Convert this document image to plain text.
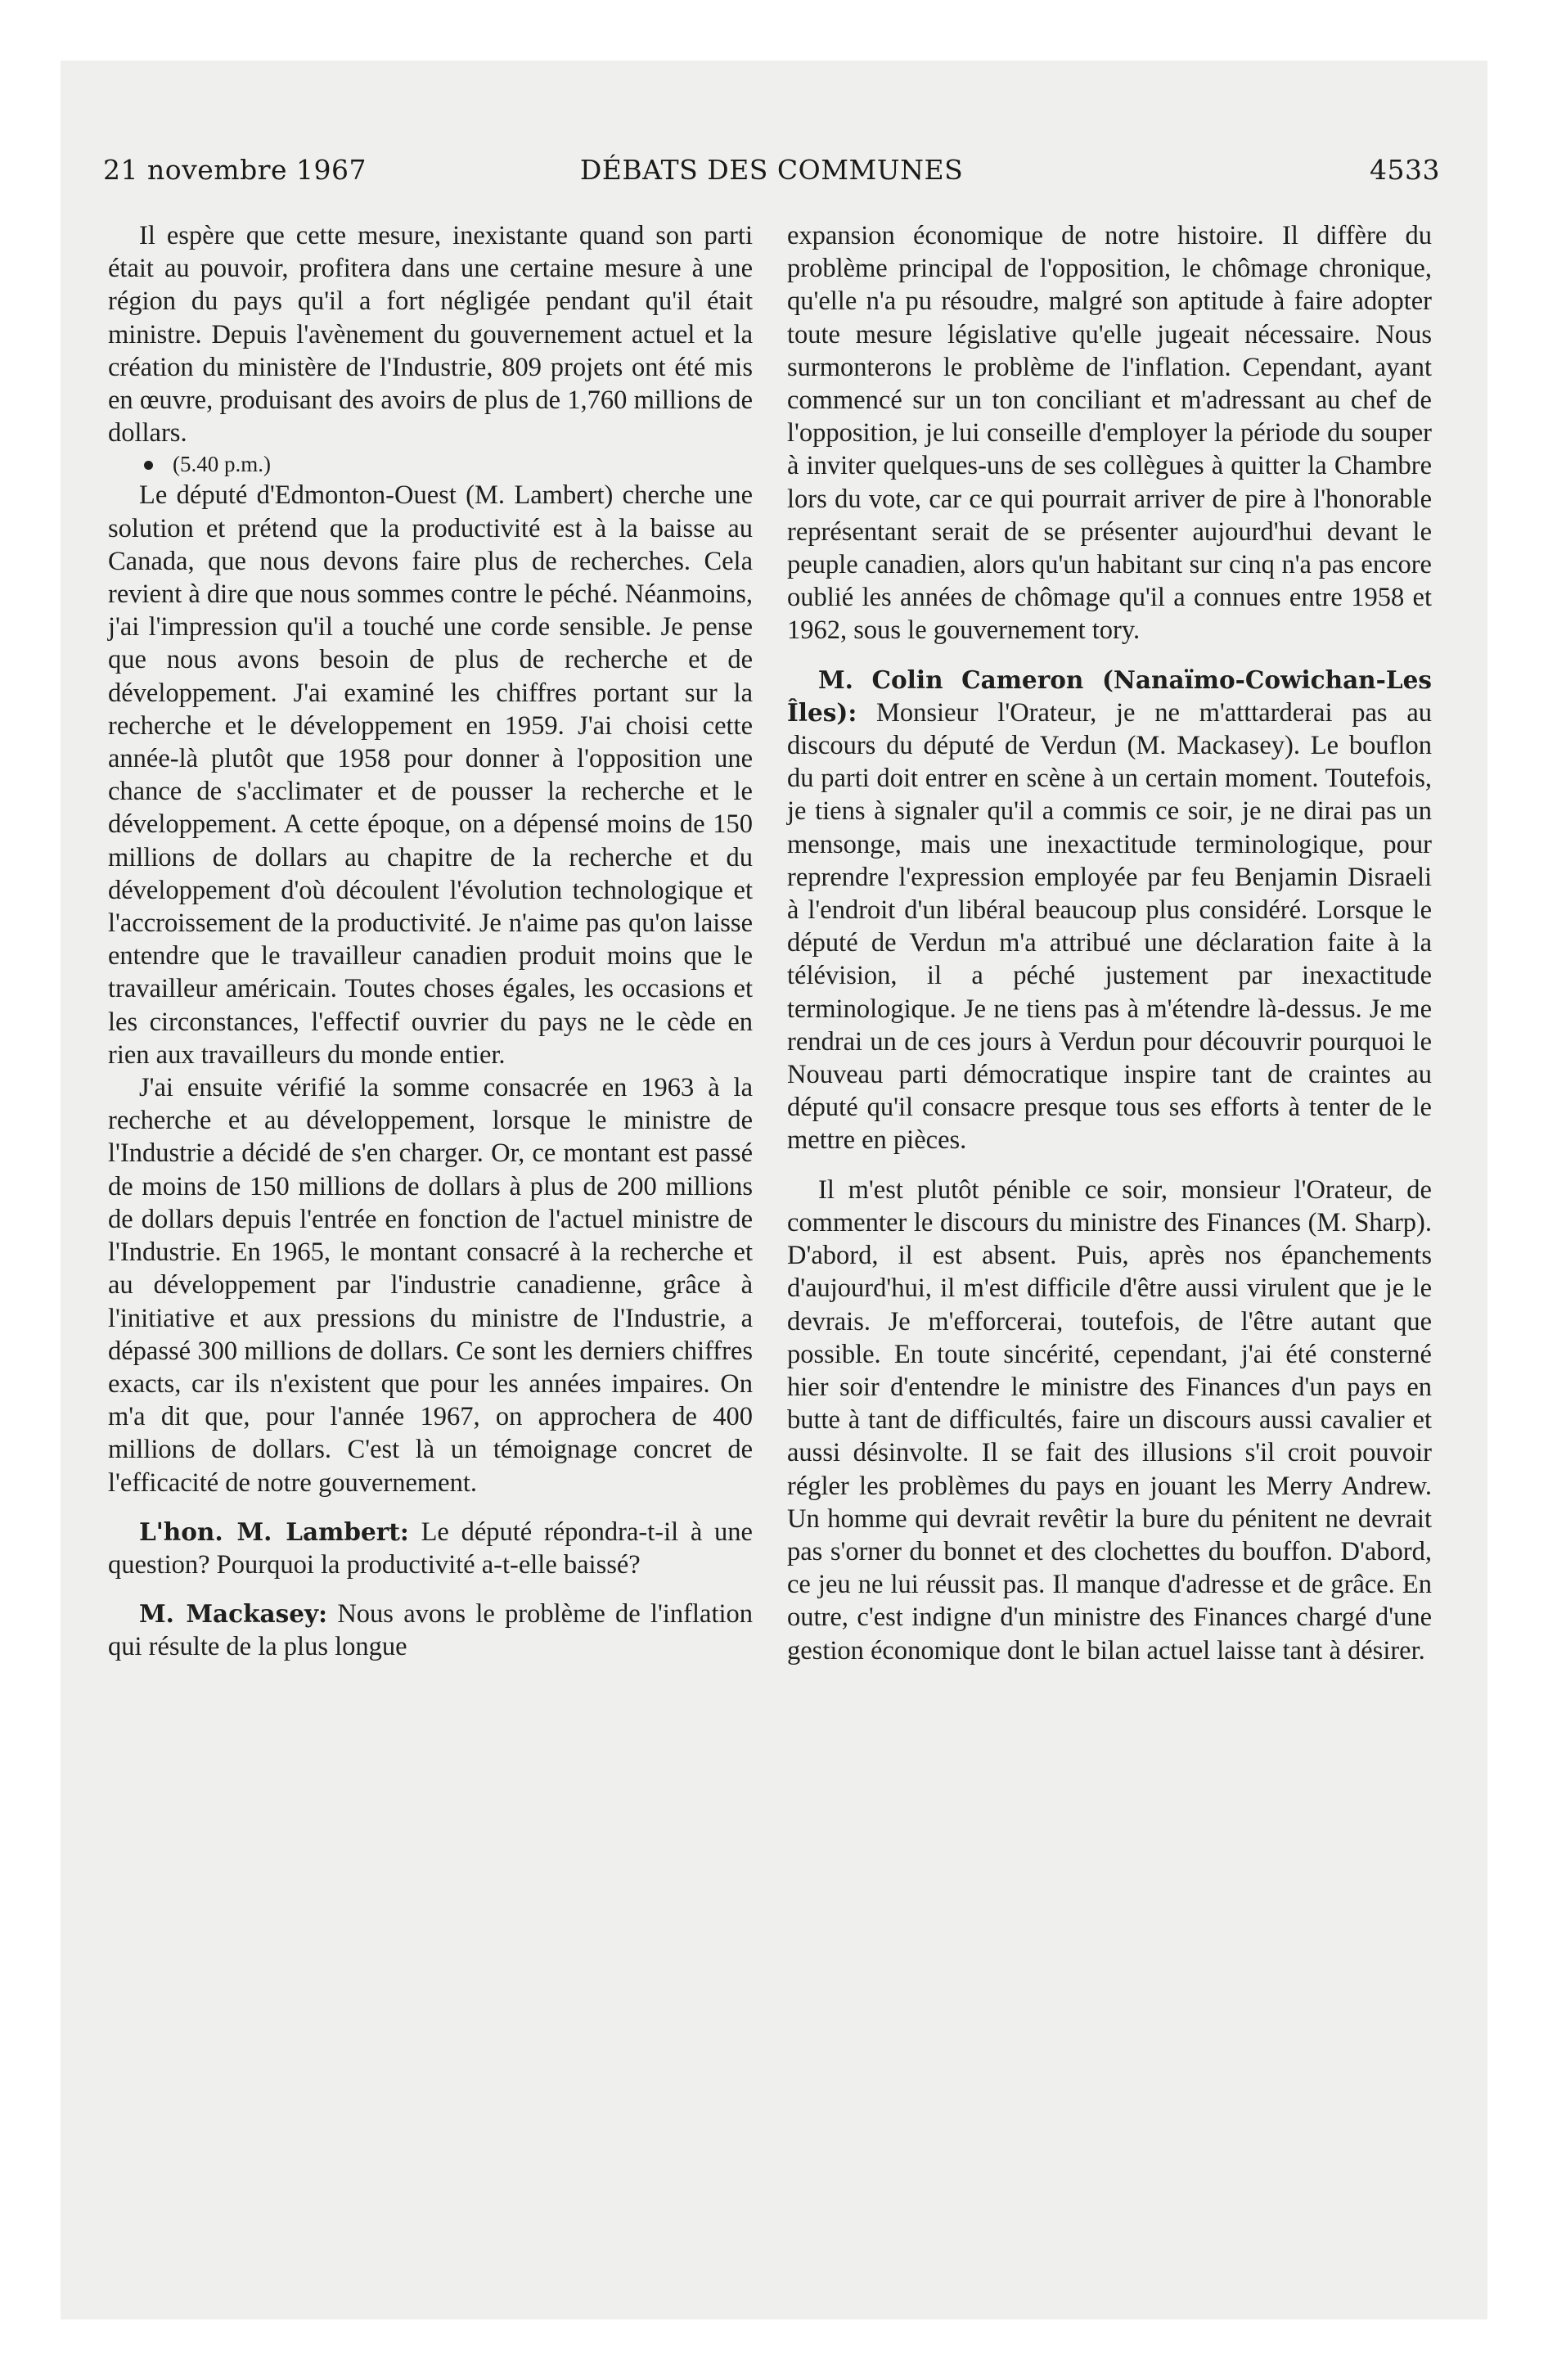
21 novembre 1967	DÉBATS DES COMMUNES	4533

Il espère que cette mesure, inexistante quand son parti était au pouvoir, profitera dans une certaine mesure à une région du pays qu'il a fort négligée pendant qu'il était ministre. Depuis l'avènement du gouvernement actuel et la création du ministère de l'Industrie, 809 projets ont été mis en œuvre, produisant des avoirs de plus de 1,760 millions de dollars.

(5.40 p.m.)

Le député d'Edmonton-Ouest (M. Lambert) cherche une solution et prétend que la productivité est à la baisse au Canada, que nous devons faire plus de recherches. Cela revient à dire que nous sommes contre le péché. Néanmoins, j'ai l'impression qu'il a touché une corde sensible. Je pense que nous avons besoin de plus de recherche et de développement. J'ai examiné les chiffres portant sur la recherche et le développement en 1959. J'ai choisi cette année-là plutôt que 1958 pour donner à l'opposition une chance de s'acclimater et de pousser la recherche et le développement. A cette époque, on a dépensé moins de 150 millions de dollars au chapitre de la recherche et du développement d'où découlent l'évolution technologique et l'accroissement de la productivité. Je n'aime pas qu'on laisse entendre que le travailleur canadien produit moins que le travailleur américain. Toutes choses égales, les occasions et les circonstances, l'effectif ouvrier du pays ne le cède en rien aux travailleurs du monde entier.

J'ai ensuite vérifié la somme consacrée en 1963 à la recherche et au développement, lorsque le ministre de l'Industrie a décidé de s'en charger. Or, ce montant est passé de moins de 150 millions de dollars à plus de 200 millions de dollars depuis l'entrée en fonction de l'actuel ministre de l'Industrie. En 1965, le montant consacré à la recherche et au développement par l'industrie canadienne, grâce à l'initiative et aux pressions du ministre de l'Industrie, a dépassé 300 millions de dollars. Ce sont les derniers chiffres exacts, car ils n'existent que pour les années impaires. On m'a dit que, pour l'année 1967, on approchera de 400 millions de dollars. C'est là un témoignage concret de l'efficacité de notre gouvernement.

L'hon. M. Lambert: Le député répondra-t-il à une question? Pourquoi la productivité a-t-elle baissé?

M. Mackasey: Nous avons le problème de l'inflation qui résulte de la plus longue

expansion économique de notre histoire. Il diffère du problème principal de l'opposition, le chômage chronique, qu'elle n'a pu résoudre, malgré son aptitude à faire adopter toute mesure législative qu'elle jugeait nécessaire. Nous surmonterons le problème de l'inflation. Cependant, ayant commencé sur un ton conciliant et m'adressant au chef de l'opposition, je lui conseille d'employer la période du souper à inviter quelques-uns de ses collègues à quitter la Chambre lors du vote, car ce qui pourrait arriver de pire à l'honorable représentant serait de se présenter aujourd'hui devant le peuple canadien, alors qu'un habitant sur cinq n'a pas encore oublié les années de chômage qu'il a connues entre 1958 et 1962, sous le gouvernement tory.

M. Colin Cameron (Nanaïmo-Cowichan-Les Îles): Monsieur l'Orateur, je ne m'atttarderai pas au discours du député de Verdun (M. Mackasey). Le bouflon du parti doit entrer en scène à un certain moment. Toutefois, je tiens à signaler qu'il a commis ce soir, je ne dirai pas un mensonge, mais une inexactitude terminologique, pour reprendre l'expression employée par feu Benjamin Disraeli à l'endroit d'un libéral beaucoup plus considéré. Lorsque le député de Verdun m'a attribué une déclaration faite à la télévision, il a péché justement par inexactitude terminologique. Je ne tiens pas à m'étendre là-dessus. Je me rendrai un de ces jours à Verdun pour découvrir pourquoi le Nouveau parti démocratique inspire tant de craintes au député qu'il consacre presque tous ses efforts à tenter de le mettre en pièces.

Il m'est plutôt pénible ce soir, monsieur l'Orateur, de commenter le discours du ministre des Finances (M. Sharp). D'abord, il est absent. Puis, après nos épanchements d'aujourd'hui, il m'est difficile d'être aussi virulent que je le devrais. Je m'efforcerai, toutefois, de l'être autant que possible. En toute sincérité, cependant, j'ai été consterné hier soir d'entendre le ministre des Finances d'un pays en butte à tant de difficultés, faire un discours aussi cavalier et aussi désinvolte. Il se fait des illusions s'il croit pouvoir régler les problèmes du pays en jouant les Merry Andrew. Un homme qui devrait revêtir la bure du pénitent ne devrait pas s'orner du bonnet et des clochettes du bouffon. D'abord, ce jeu ne lui réussit pas. Il manque d'adresse et de grâce. En outre, c'est indigne d'un ministre des Finances chargé d'une gestion économique dont le bilan actuel laisse tant à désirer.
